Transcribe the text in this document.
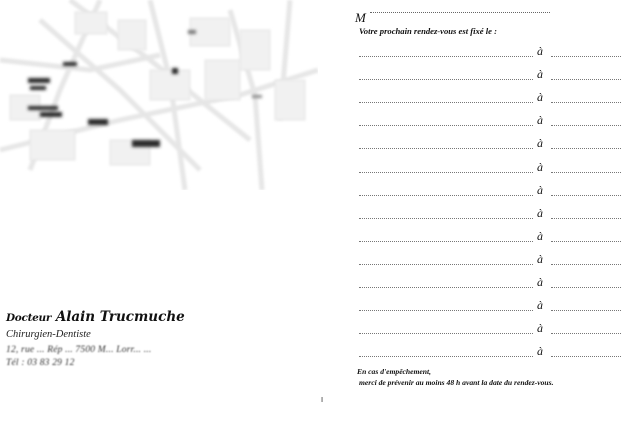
Docteur Alain Trucmuche
Chirurgien-Dentiste
12, rue ... Rép ... 7500 M... Lorr... ...
Tél : 03 83 29 12
M
Votre prochain rendez-vous est fixé le :
à
à
à
à
à
à
à
à
à
à
à
à
à
à
En cas d'empêchement,
merci de prévenir au moins 48 h avant la date du rendez-vous.
I
